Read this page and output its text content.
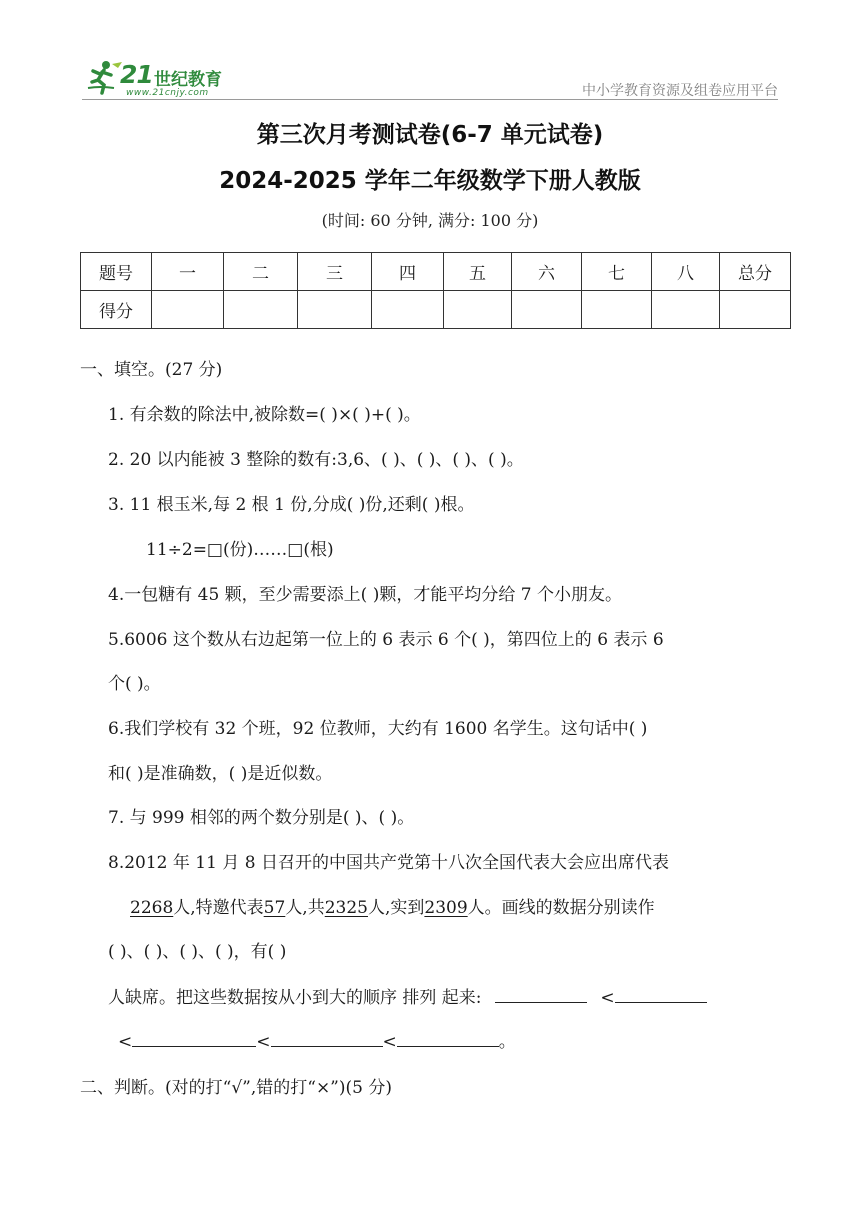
21 世纪教育
www.21cnjy.com	中小学教育资源及组卷应用平台
第三次月考测试卷(6-7 单元试卷)
2024-2025 学年二年级数学下册人教版
(时间: 60 分钟, 满分: 100 分)
题号	一	二	三	四	五	六	七	八	总分
得分									
一、填空。(27 分)
1. 有余数的除法中,被除数=( )×( )+( )。
2. 20 以内能被 3 整除的数有:3,6、( )、( )、( )、( )。
3. 11 根玉米,每 2 根 1 份,分成( )份,还剩( )根。
11÷2=□(份)……□(根)
4.一包糖有 45 颗，至少需要添上( )颗，才能平均分给 7 个小朋友。
5.6006 这个数从右边起第一位上的 6 表示 6 个( )，第四位上的 6 表示 6
个( )。
6.我们学校有 32 个班，92 位教师，大约有 1600 名学生。这句话中( )
和( )是准确数，( )是近似数。
7. 与 999 相邻的两个数分别是( )、( )。
8.2012 年 11 月 8 日召开的中国共产党第十八次全国代表大会应出席代表
2268人,特邀代表57人,共2325人,实到2309人。画线的数据分别读作
( )、( )、( )、( )，有( )
人缺席。把这些数据按从小到大的顺序 排列 起来:	<
<	<	<	。
二、判断。(对的打“√”,错的打“×”)(5 分)
